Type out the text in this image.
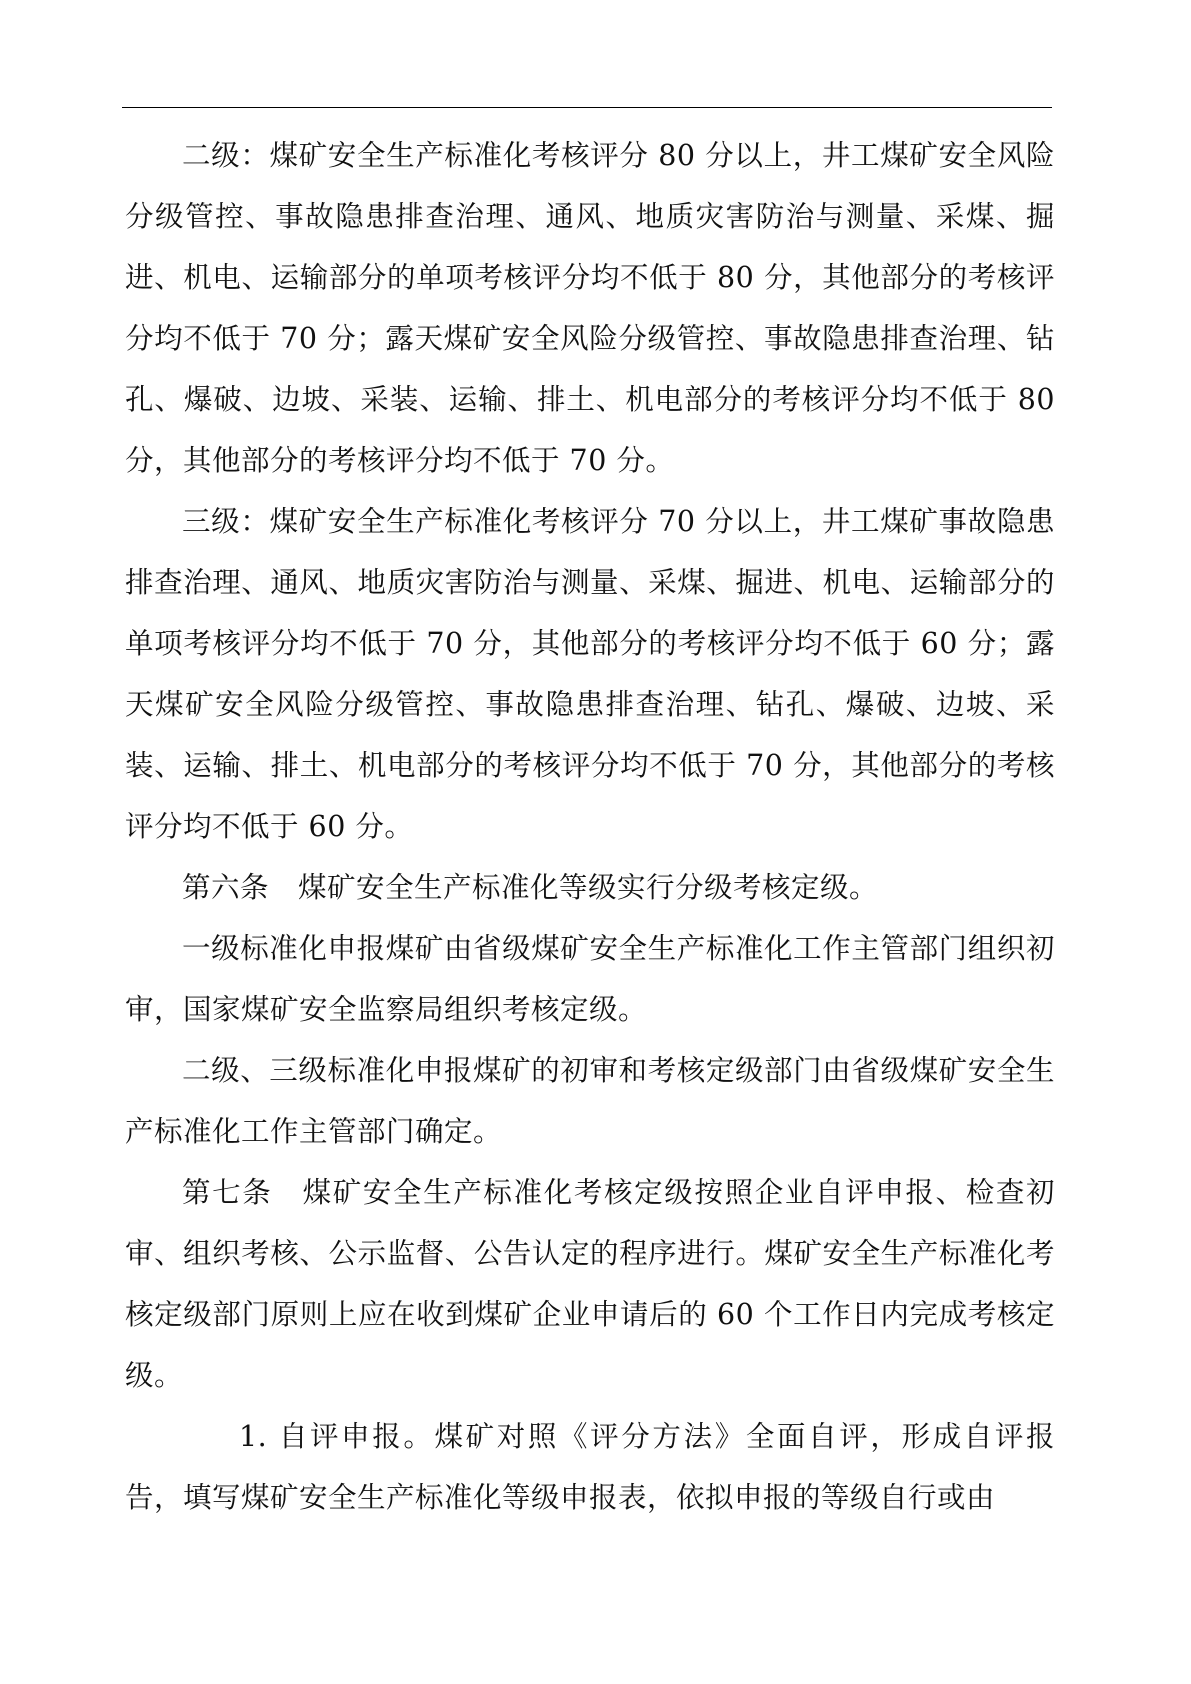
二级：煤矿安全生产标准化考核评分 80 分以上，井工煤矿安全风险分级管控、事故隐患排查治理、通风、地质灾害防治与测量、采煤、掘进、机电、运输部分的单项考核评分均不低于 80 分，其他部分的考核评分均不低于 70 分；露天煤矿安全风险分级管控、事故隐患排查治理、钻孔、爆破、边坡、采装、运输、排土、机电部分的考核评分均不低于 80 分，其他部分的考核评分均不低于 70 分。

三级：煤矿安全生产标准化考核评分 70 分以上，井工煤矿事故隐患排查治理、通风、地质灾害防治与测量、采煤、掘进、机电、运输部分的单项考核评分均不低于 70 分，其他部分的考核评分均不低于 60 分；露天煤矿安全风险分级管控、事故隐患排查治理、钻孔、爆破、边坡、采装、运输、排土、机电部分的考核评分均不低于 70 分，其他部分的考核评分均不低于 60 分。

第六条　煤矿安全生产标准化等级实行分级考核定级。

一级标准化申报煤矿由省级煤矿安全生产标准化工作主管部门组织初审，国家煤矿安全监察局组织考核定级。

二级、三级标准化申报煤矿的初审和考核定级部门由省级煤矿安全生产标准化工作主管部门确定。

第七条　煤矿安全生产标准化考核定级按照企业自评申报、检查初审、组织考核、公示监督、公告认定的程序进行。煤矿安全生产标准化考核定级部门原则上应在收到煤矿企业申请后的 60 个工作日内完成考核定级。

1. 自评申报。煤矿对照《评分方法》全面自评，形成自评报告，填写煤矿安全生产标准化等级申报表，依拟申报的等级自行或由
